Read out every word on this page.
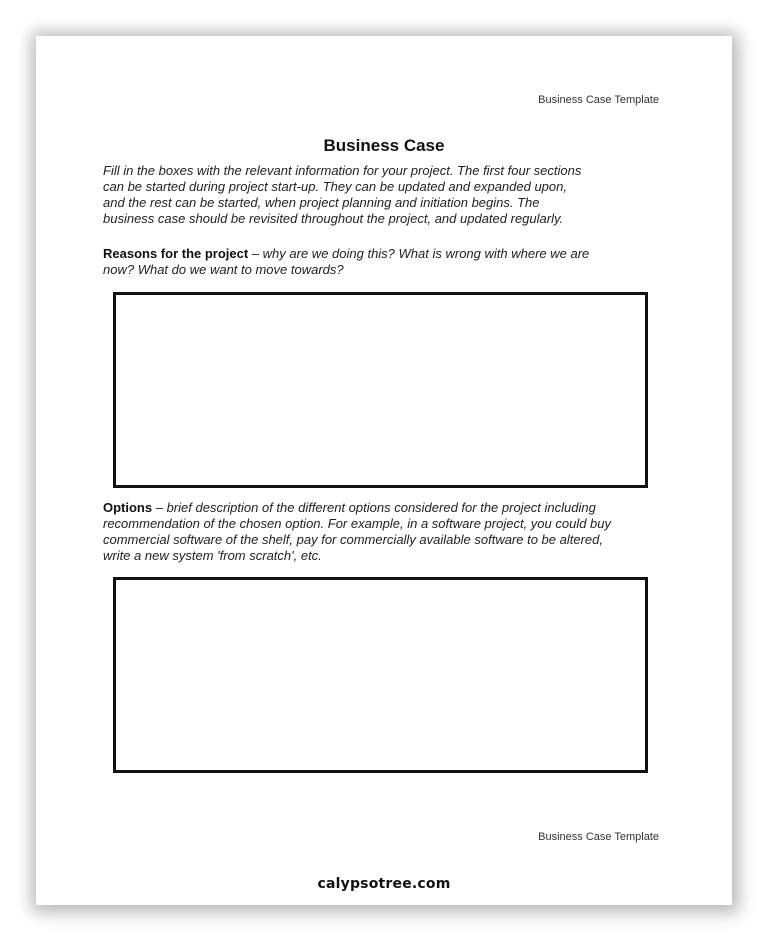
Business Case Template
Business Case
Fill in the boxes with the relevant information for your project. The first four sections
can be started during project start-up. They can be updated and expanded upon,
and the rest can be started, when project planning and initiation begins. The
business case should be revisited throughout the project, and updated regularly.
Reasons for the project – why are we doing this? What is wrong with where we are
now? What do we want to move towards?
Options – brief description of the different options considered for the project including
recommendation of the chosen option. For example, in a software project, you could buy
commercial software of the shelf, pay for commercially available software to be altered,
write a new system 'from scratch', etc.
Business Case Template
calypsotree.com
